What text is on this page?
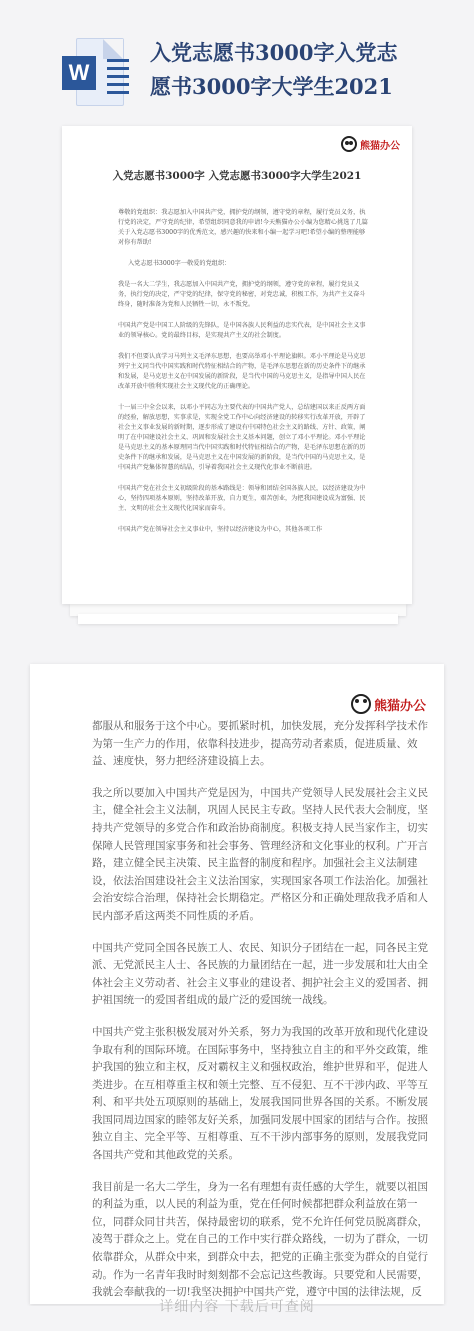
W
入党志愿书3000字入党志
愿书3000字大学生2021
熊猫办公
入党志愿书3000字 入党志愿书3000字大学生2021

尊敬的党组织：我志愿加入中国共产党，拥护党的纲领，遵守党的章程，履行党员义务，执行党的决定，严守党的纪律，希望组织同意我的申请!今天熊猫办公小编为您精心挑选了几篇关于入党志愿书3000字的优秀范文，感兴趣的快来和小编一起学习吧!希望小编的整理能够对你有帮助!

入党志愿书3000字一敬爱的党组织：

我是一名大二学生，我志愿加入中国共产党，拥护党的纲领，遵守党的章程，履行党员义务，执行党的决定，严守党的纪律，保守党的秘密，对党忠诚，积极工作，为共产主义奋斗终身，随时准备为党和人民牺牲一切，永不叛党。

中国共产党是中国工人阶级的先锋队，是中国各族人民利益的忠实代表，是中国社会主义事业的领导核心。党的最终目标，是实现共产主义的社会制度。

我们不但要认真学习马列主义毛泽东思想，也要高举邓小平理论旗帜。邓小平理论是马克思列宁主义同当代中国实践和时代特征相结合的产物，是毛泽东思想在新的历史条件下的继承和发展，是马克思主义在中国发展的新阶段，是当代中国的马克思主义，是指导中国人民在改革开放中胜利实现社会主义现代化的正确理论。

十一届三中全会以来，以邓小平同志为主要代表的中国共产党人，总结建国以来正反两方面的经验，解放思想，实事求是，实现全党工作中心向经济建设的转移实行改革开放，开辟了社会主义事业发展的新时期，逐步形成了建设有中国特色社会主义的路线、方针、政策，阐明了在中国建设社会主义、巩固和发展社会主义基本问题，创立了邓小平理论。邓小平理论是马克思主义的基本原理同当代中国实践和时代特征相结合的产物，是毛泽东思想在新的历史条件下的继承和发展，是马克思主义在中国发展的新阶段，是当代中国的马克思主义，是中国共产党集体智慧的结晶，引导着我国社会主义现代化事业不断前进。

中国共产党在社会主义初级阶段的基本路线是：领导和团结全国各族人民，以经济建设为中心，坚持四项基本原则，坚持改革开放，自力更生，艰苦创业，为把我国建设成为富强、民主、文明的社会主义现代化国家而奋斗。

中国共产党在领导社会主义事业中，坚持以经济建设为中心，其他各项工作

熊猫办公

都服从和服务于这个中心。要抓紧时机，加快发展，充分发挥科学技术作为第一生产力的作用，依靠科技进步，提高劳动者素质，促进质量、效益、速度快，努力把经济建设搞上去。

我之所以要加入中国共产党是因为，中国共产党领导人民发展社会主义民主，健全社会主义法制，巩固人民民主专政。坚持人民代表大会制度，坚持共产党领导的多党合作和政治协商制度。积极支持人民当家作主，切实保障人民管理国家事务和社会事务、管理经济和文化事业的权利。广开言路，建立健全民主决策、民主监督的制度和程序。加强社会主义法制建设，依法治国建设社会主义法治国家，实现国家各项工作法治化。加强社会治安综合治理，保持社会长期稳定。严格区分和正确处理敌我矛盾和人民内部矛盾这两类不同性质的矛盾。

中国共产党同全国各民族工人、农民、知识分子团结在一起，同各民主党派、无党派民主人士、各民族的力量团结在一起，进一步发展和壮大由全体社会主义劳动者、社会主义事业的建设者、拥护社会主义的爱国者、拥护祖国统一的爱国者组成的最广泛的爱国统一战线。

中国共产党主张积极发展对外关系，努力为我国的改革开放和现代化建设争取有利的国际环境。在国际事务中，坚持独立自主的和平外交政策，维护我国的独立和主权，反对霸权主义和强权政治，维护世界和平，促进人类进步。在互相尊重主权和领土完整、互不侵犯、互不干涉内政、平等互利、和平共处五项原则的基础上，发展我国同世界各国的关系。不断发展我国同周边国家的睦邻友好关系，加强同发展中国家的团结与合作。按照独立自主、完全平等、互相尊重、互不干涉内部事务的原则，发展我党同各国共产党和其他政党的关系。

我目前是一名大二学生，身为一名有理想有责任感的大学生，就要以祖国的利益为重，以人民的利益为重，党在任何时候都把群众利益放在第一位，同群众同甘共苦，保持最密切的联系，党不允许任何党员脱离群众，凌驾于群众之上。党在自己的工作中实行群众路线，一切为了群众，一切依靠群众，从群众中来，到群众中去，把党的正确主张变为群众的自觉行动。作为一名青年我时时刻刻都不会忘记这些教诲。只要党和人民需要，我就会奉献我的一切!我坚决拥护中国共产党，遵守中国的法律法规，反

详细内容 下载后可查阅
